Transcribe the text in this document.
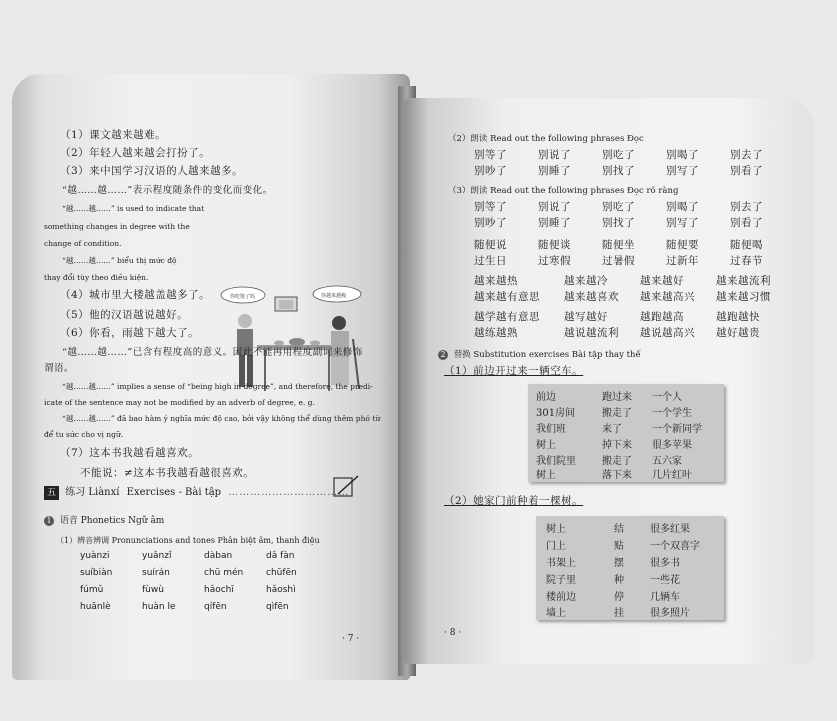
（1）课文越来越难。
（2）年轻人越来越会打扮了。
（3）来中国学习汉语的人越来越多。
“越……越……”表示程度随条件的变化而变化。
“越……越……” is used to indicate that
something changes in degree with the
change of condition.
“越……越……” biểu thị mức độ
thay đổi tùy theo điều kiện.
你吃饱了吗	你越来越瘦
（4）城市里大楼越盖越多了。
（5）他的汉语越说越好。
（6）你看，雨越下越大了。
“越……越……”已含有程度高的意义。因此不能再用程度副词来修饰
谓语。
“越……越……” implies a sense of “being high in degree”, and therefore, the predi-
icate of the sentence may not be modified by an adverb of degree, e. g.
“越……越……” đã bao hàm ý nghĩa mức độ cao, bởi vậy không thể dùng thêm phó từ
để tu sức cho vị ngữ.
（7）这本书我越看越喜欢。
不能说：≠这本书我越看越很喜欢。
五 练习 Liànxí Exercises - Bài tập ……………………………
1 语音 Phonetics Ngữ âm
（1）辨音辨调 Pronunciations and tones Phân biệt âm, thanh điệu
yuànzi	yuǎnzǐ	dàban	dǎ fàn
suíbiàn	suírán	chū mén	chūfēn
fúmǔ	fùwù	hǎochī	hǎoshì
huānlè	huàn le	qífēn	qìfēn
· 7 ·
（2）朗读 Read out the following phrases Đọc
别等了	别说了	别吃了	别喝了	别去了
别吵了	别睡了	别找了	别写了	别看了
（3）朗读 Read out the following phrases Đọc rõ ràng
别等了	别说了	别吃了	别喝了	别去了
别吵了	别睡了	别找了	别写了	别看了
随便说	随便谈	随便坐	随便要	随便喝
过生日	过寒假	过暑假	过新年	过春节
越来越热	越来越冷	越来越好	越来越流利
越来越有意思 越来越喜欢 越来越高兴 越来越习惯
越学越有意思 越写越好	越跑越高	越跑越快
越练越熟	越说越流利 越说越高兴 越好越贵
2 替换 Substitution exercises Bài tập thay thế
（1）前边开过来一辆空车。
前边	跑过来 一个人
301房间	搬走了 一个学生
我们班	来了	一个新同学
树上	掉下来 很多苹果
我们院里	搬走了 五六家
树上	落下来 几片红叶
（2）她家门前种着一棵树。
树上	结	很多红果
门上	贴	一个双喜字
书架上	摆	很多书
院子里	种	一些花
楼前边	停	几辆车
墙上	挂	很多照片
· 8 ·
